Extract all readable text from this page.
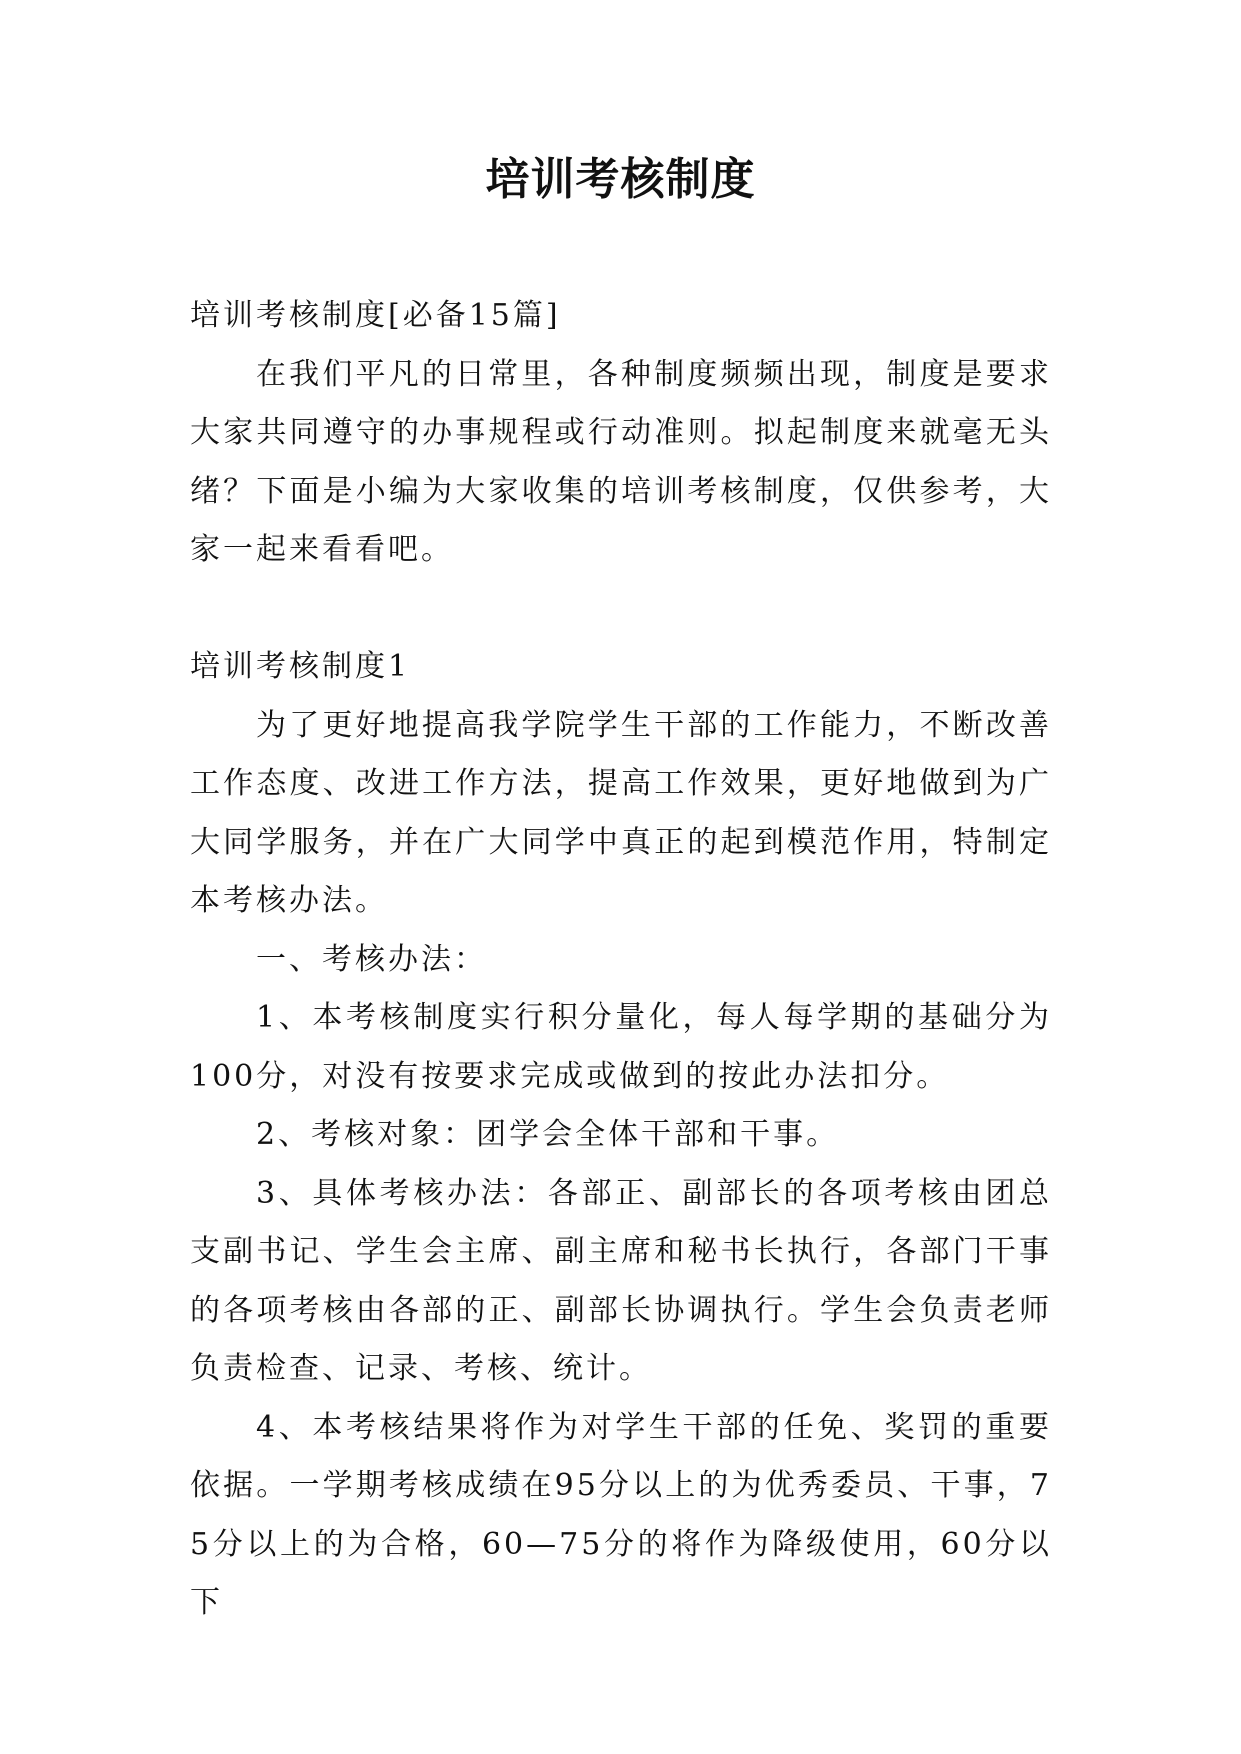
培训考核制度

培训考核制度[必备15篇]

在我们平凡的日常里，各种制度频频出现，制度是要求大家共同遵守的办事规程或行动准则。拟起制度来就毫无头绪？下面是小编为大家收集的培训考核制度，仅供参考，大家一起来看看吧。

培训考核制度1

为了更好地提高我学院学生干部的工作能力，不断改善工作态度、改进工作方法，提高工作效果，更好地做到为广大同学服务，并在广大同学中真正的起到模范作用，特制定本考核办法。

一、考核办法：

1、本考核制度实行积分量化，每人每学期的基础分为100分，对没有按要求完成或做到的按此办法扣分。

2、考核对象：团学会全体干部和干事。

3、具体考核办法：各部正、副部长的各项考核由团总支副书记、学生会主席、副主席和秘书长执行，各部门干事的各项考核由各部的正、副部长协调执行。学生会负责老师负责检查、记录、考核、统计。

4、本考核结果将作为对学生干部的任免、奖罚的重要依据。一学期考核成绩在95分以上的为优秀委员、干事，75分以上的为合格，60—75分的将作为降级使用，60分以下
